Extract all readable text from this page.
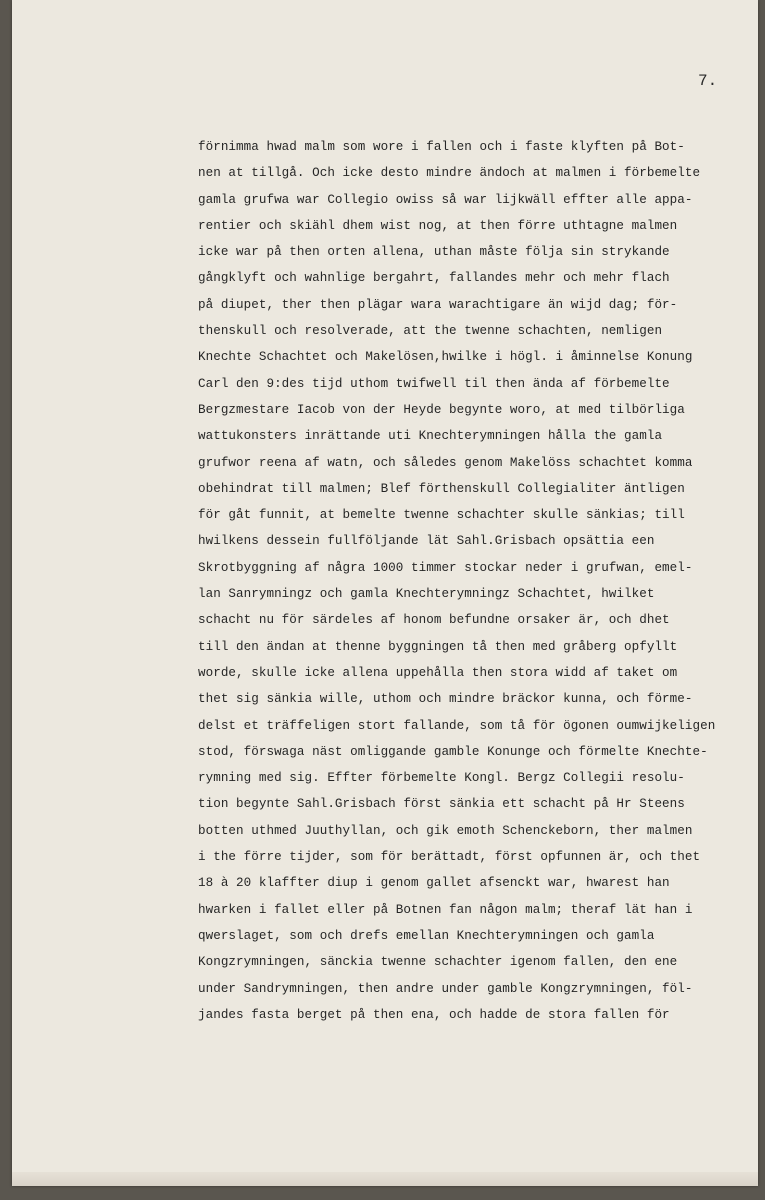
7.
förnimma hwad malm som wore i fallen och i faste klyften på Bot-
nen at tillgå. Och icke desto mindre ändoch at malmen i förbemelte
gamla grufwa war Collegio owiss så war lijkwäll effter alle appa-
rentier och skiähl dhem wist nog, at then förre uthtagne malmen
icke war på then orten allena, uthan måste följa sin strykande
gångklyft och wahnlige bergahrt, fallandes mehr och mehr flach
på diupet, ther then plägar wara warachtigare än wijd dag; för-
thenskull och resolverade, att the twenne schachten, nemligen
Knechte Schachtet och Makelösen,hwilke i högl. i åminnelse Konung
Carl den 9:des tijd uthom twifwell til then ända af förbemelte
Bergzmestare Iacob von der Heyde begynte woro, at med tilbörliga
wattukonsters inrättande uti Knechterymningen hålla the gamla
grufwor reena af watn, och således genom Makelöss schachtet komma
obehindrat till malmen; Blef förthenskull Collegialiter äntligen
för gåt funnit, at bemelte twenne schachter skulle sänkias; till
hwilkens dessein fullföljande lät Sahl.Grisbach opsättia een
Skrotbyggning af några 1000 timmer stockar neder i grufwan, emel-
lan Sanrymningz och gamla Knechterymningz Schachtet, hwilket
schacht nu för särdeles af honom befundne orsaker är, och dhet
till den ändan at thenne byggningen tå then med gråberg opfyllt
worde, skulle icke allena uppehålla then stora widd af taket om
thet sig sänkia wille, uthom och mindre bräckor kunna, och förme-
delst et träffeligen stort fallande, som tå för ögonen oumwijkeligen
stod, förswaga näst omliggande gamble Konunge och förmelte Knechte-
rymning med sig. Effter förbemelte Kongl. Bergz Collegii resolu-
tion begynte Sahl.Grisbach först sänkia ett schacht på Hr Steens
botten uthmed Juuthyllan, och gik emoth Schenckeborn, ther malmen
i the förre tijder, som för berättadt, först opfunnen är, och thet
18 à 20 klaffter diup i genom gallet afsenckt war, hwarest han
hwarken i fallet eller på Botnen fan någon malm; theraf lät han i
qwerslaget, som och drefs emellan Knechterymningen och gamla
Kongzrymningen, sänckia twenne schachter igenom fallen, den ene
under Sandrymningen, then andre under gamble Kongzrymningen, föl-
jandes fasta berget på then ena, och hadde de stora fallen för
